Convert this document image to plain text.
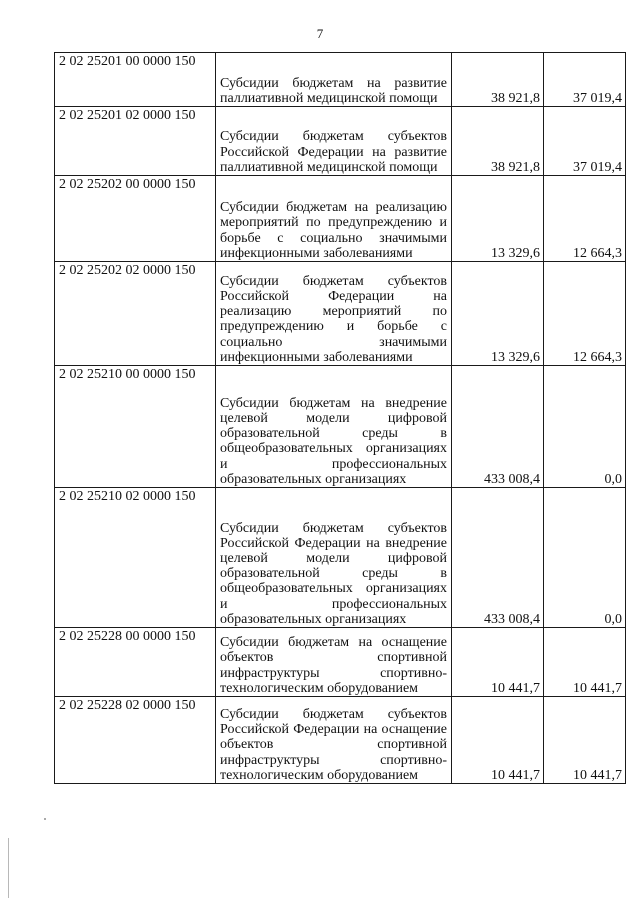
7
2 02 25201 00 0000 150	Субсидии бюджетам на развитие паллиативной медицинской помощи	38 921,8	37 019,4
2 02 25201 02 0000 150	Субсидии бюджетам субъектов Российской Федерации на развитие паллиативной медицинской помощи	38 921,8	37 019,4
2 02 25202 00 0000 150	Субсидии бюджетам на реализацию мероприятий по предупреждению и борьбе с социально значимыми инфекционными заболеваниями	13 329,6	12 664,3
2 02 25202 02 0000 150	Субсидии бюджетам субъектов Российской Федерации на реализацию мероприятий по предупреждению и борьбе с социально значимыми инфекционными заболеваниями	13 329,6	12 664,3
2 02 25210 00 0000 150	Субсидии бюджетам на внедрение целевой модели цифровой образовательной среды в общеобразовательных организациях и профессиональных образовательных организациях	433 008,4	0,0
2 02 25210 02 0000 150	Субсидии бюджетам субъектов Российской Федерации на внедрение целевой модели цифровой образовательной среды в общеобразовательных организациях и профессиональных образовательных организациях	433 008,4	0,0
2 02 25228 00 0000 150	Субсидии бюджетам на оснащение объектов спортивной инфраструктуры спортивно-технологическим оборудованием	10 441,7	10 441,7
2 02 25228 02 0000 150	Субсидии бюджетам субъектов Российской Федерации на оснащение объектов спортивной инфраструктуры спортивно-технологическим оборудованием	10 441,7	10 441,7
